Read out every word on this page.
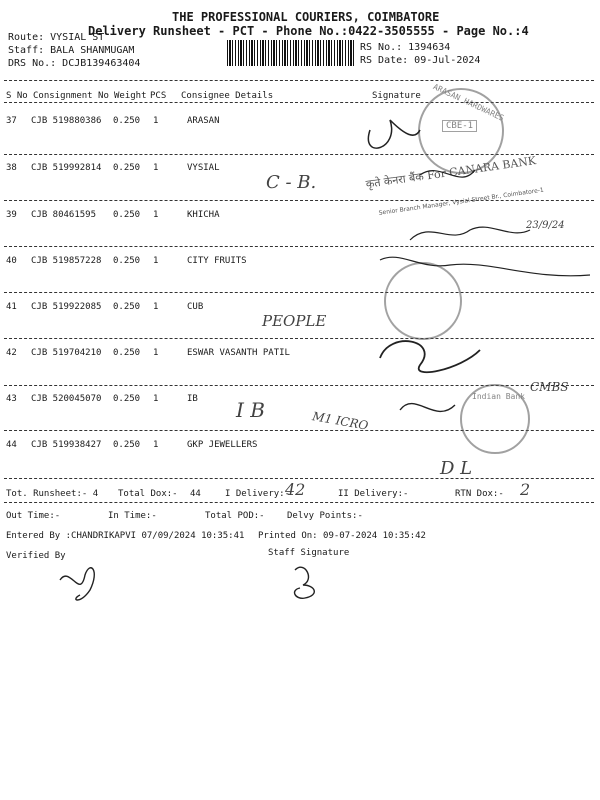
THE PROFESSIONAL COURIERS, COIMBATORE
Delivery Runsheet - PCT - Phone No.:0422-3505555 - Page No.:4
Route: VYSIAL ST
Staff: BALA SHANMUGAM
DRS No.: DCJB139463404
RS No.: 1394634
RS Date: 09-Jul-2024
S No Consignment No Weight PCS Consignee Details	Signature
37 CJB 519880386 0.250 1	ARASAN
38 CJB 519992814 0.250 1	VYSIAL
39 CJB 80461595 0.250 1	KHICHA
40 CJB 519857228 0.250 1	CITY FRUITS
41 CJB 519922085 0.250 1	CUB
42 CJB 519704210 0.250 1	ESWAR VASANTH PATIL
43 CJB 520045070 0.250 1	IB
44 CJB 519938427 0.250 1	GKP JEWELLERS
ARASAN HARDWARES
CBE-1
कृते केनरा बैंक For CANARA BANK
Senior Branch Manager, Vysial Street Br., Coimbatore-1
Indian Bank
C - B.
PEOPLE
I B	M1 ICRO
D L
CMBS
23/9/24
Tot. Runsheet:- 4 Total Dox:- 44	I Delivery:-
42	II Delivery:-	RTN Dox:- 2
Out Time:-	In Time:-	Total POD:- Delvy Points:-
Entered By :CHANDRIKAPVI 07/09/2024 10:35:41 Printed On: 09-07-2024 10:35:42
Verified By	Staff Signature
